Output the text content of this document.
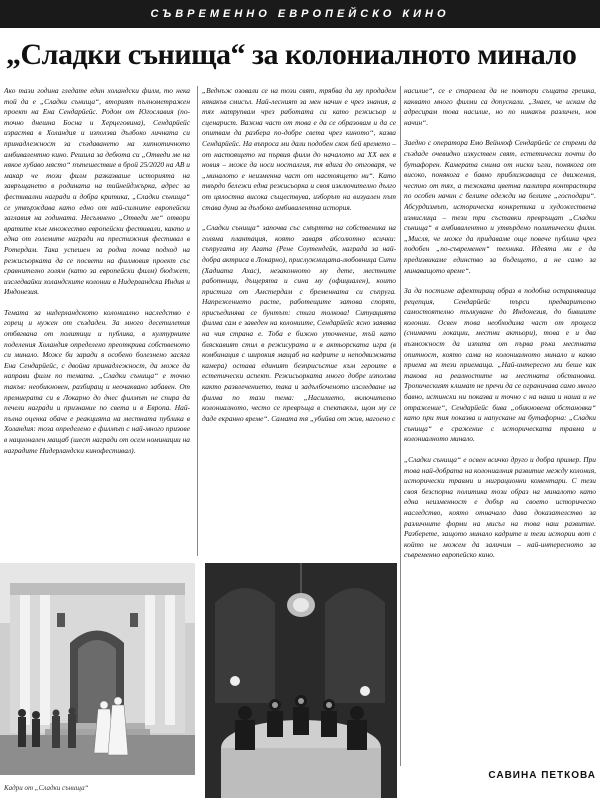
СЪВРЕМЕННО ЕВРОПЕЙСКО КИНО
„Сладки сънища“ за колониалното минало

Ако тази година гледате един холандски филм, то нека той да е „Сладки сънища“, вторият пълнометражен проект на Ена Сендарйейс. Родом от Югославия (по-точно днешна Босна и Херцеговина), Сендарйейс израства в Холандия и използва дълбоко личната си принадлежност за създаването на хипнотичното амбивалентно кино. Решила за дебюта си „Отведи ме на някое хубаво място“ пътешествие в брой 25/2020 на АВ и макар че този филм разказваше историята на завръщането в родината на тийнейджърка, адрес за фестивални награди и добра критика, „Сладки сънища“ се утвърждава като едно от най-силните европейски заглавия на годината. Несъмнено „Отведи ме“ отвори вратите към множество европейски фестивали, както и една от големите награди на престижния фестивал в Ротердам. Така успешен за родна почва подход на режисьорката да се посвети на филмовия проект със сравнително голям (като за европейски филм) бюджет, изследвайки холандските колонии в Нидерландска Индия и Индонезия.

Темата за нидерландското колониално наследство е горещ и нужен от създаден. За много десетилетия отбягвана от политици и публика, в културните поделения Холандия определено преоткрива собственото си минало. Може би заради я особено болезнено засяга Ена Сендарйейс, с двойна принадлежност, да може да направи филм по темата. „Сладки сънища“ е точно такъв: необикновен, разбиращ и неочаквано забавен. От премиерата си в Локарно до днес филмът не спира да печели награди и признание по света и в Европа. Най-пълна оценка обаче е реакцията на местната публика в Холандия: тоза определено е филмът с най-много призове в национален мащаб (шест награди от осем номинации на наградите Нидерландски кинофестивал).

„Веднъж озовали се на този свят, трябва да му продадем някакъв смисъл. Най-лесният за мен начин е чрез знания, а тях натрупвам чрез работата си като режисьор и сценарист. Важна част от това е да се образовам и да се опитвам да разбера по-добре света чрез киното“, казва Сендарйейс. На въпроса ми дали подобен скок бей времето – от настоящето на първия филм до началото на ХХ век в новия – може да носи носталгия, тя вдига до отговаря, че „миналото е неизменна част от настоящето ни“. Като твърдо бележи една режисьорка и своя изключително дълго от цялостна висока съществува, изборът на визуален път става дума за дълбоко амбивалентна история.

„Сладки сънища“ започва със смъртта на собственика на голяма плантация, която заваря абсолютно всички: съпругата му Агата (Рене Соутендейк, награда за най-добра актриса в Локарно), прислужницата-любовница Сити (Хадиата Ахас), незаконното му дете, местните работници, дъщерята и сина му (официален), които пристига от Амстердам с бременната си съпруга. Напрежението расте, работещите затова спорят, присъединява се бунтът: стига толкова! Ситуацията филма сам е заведен на колониите, Сендарйейс ясно заявява на чия страна е. Тоба е бижно уточнение, тъй като бляскавият стил в режисурата и в актьорската игра (в комбинация с широкия мащаб на кадрите и неподвижната камера) остава единият безприсъстие към героите в естетически аспект. Режисьорката много добре използва както развлечението, така и задълбоченото изследване на филма по тази тема: „Насилието, включително колониалното, често се превръща в спектакъл, щом му се даде екранно време“. Самата тя „убийва от жив, нагоено с

насилие“, се е стараела да не повтори същата грешка, каквато много филми са допускали. „Знаех, че искам да адресирам това насилие, но по никакъв различен, нов начин“.

Заедно с оператора Емо Вейнхоф Сендарйейс се стреми да създаде очевидно изкуствен свят, естетически почти до бутафорен. Камерата снима от ниски ъгли, понякога от високо, понякога е бавно приближаваща се движения, честно от тях, а тежката цветна палитра контрастира по особен начин с белите одежди на белите „господари“. Абсурдизмът, историческа конкретика и художествена измислица – тези три съставки превръщат „Сладки сънища“ в амбивалентно и утвърдено политически филм. „Мисля, че може да придаваме още повече публика чрез подобен „по-съвременен“ техника. Идеята ми е да предизвикаме единство за бъдещето, а не само за минаващото време“.

За да постигне афектиращ образ в подобна остраняваща рецепция, Сендарйейс търси предварително самостоятелно тълкуване до Индонезия, до бившите колонии. Освен това необходима част от процеса (снимачни локации, местни актьори), това е и два възможност да изпита от първа ръка местната опитност, която сама на колониалното минало и какво приема на тези приемаща. „Най-интересно ми беше как такова на реалностите на местната обстановка. Тропическият климат не пречи да се ограничава само много бавно, истински ни показва и точно с на наша и наша и не отражение“, Сендарйейс бива „обикновена обстановка“ като при тия показва и напускане на бутафорна: „Сладки сънища“ е сражение с историческата травма и колониалното минало.

„Сладки сънища“ е освен всичко друго и добра пример. При това най-добрата на колониалния развитие между колония, исторически травми и миграционни коментари. С тези своя безспорна политика този образ на миналото като една неизменност е добър на своето историческо наследство, която отначало дава доказателство за различните форми на мисъл на това наш развитие. Разберете, защото минало кадрите и тези истории вот с който не можем да заличим – най-интересното за съвременно европейско кино.

Кадри от „Сладки сънища“
САВИНА ПЕТКОВА
